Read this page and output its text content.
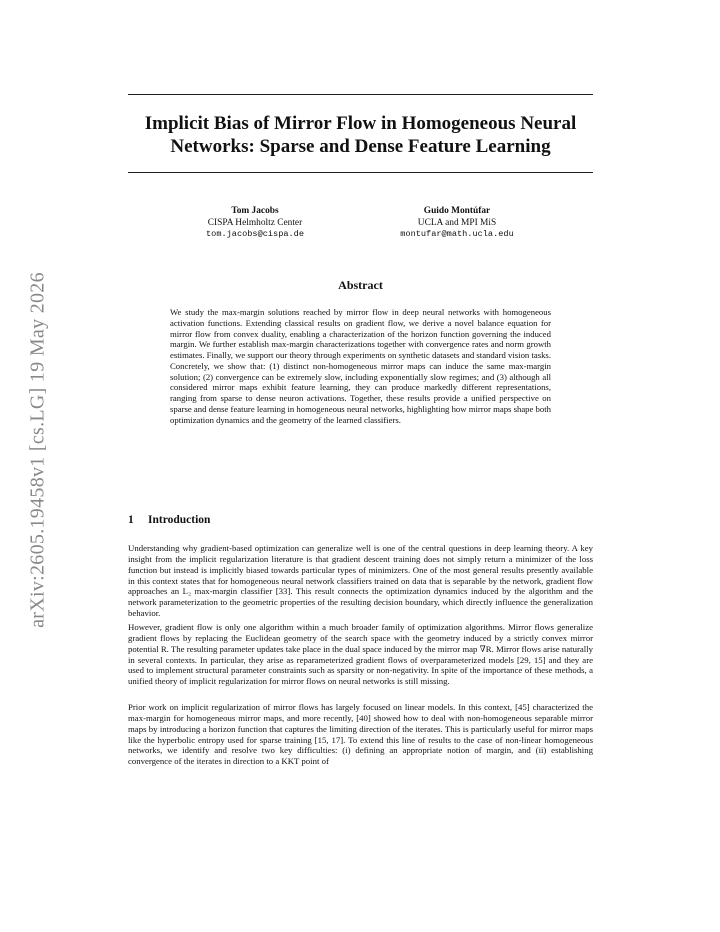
arXiv:2605.19458v1 [cs.LG] 19 May 2026
Implicit Bias of Mirror Flow in Homogeneous Neural Networks: Sparse and Dense Feature Learning
Tom Jacobs
CISPA Helmholtz Center
tom.jacobs@cispa.de
Guido Montúfar
UCLA and MPI MiS
montufar@math.ucla.edu
Abstract

We study the max-margin solutions reached by mirror flow in deep neural networks with homogeneous activation functions. Extending classical results on gradient flow, we derive a novel balance equation for mirror flow from convex duality, enabling a characterization of the horizon function governing the induced margin. We further establish max-margin characterizations together with convergence rates and norm growth estimates. Finally, we support our theory through experiments on synthetic datasets and standard vision tasks. Concretely, we show that: (1) distinct non-homogeneous mirror maps can induce the same max-margin solution; (2) convergence can be extremely slow, including exponentially slow regimes; and (3) although all considered mirror maps exhibit feature learning, they can produce markedly different representations, ranging from sparse to dense neuron activations. Together, these results provide a unified perspective on sparse and dense feature learning in homogeneous neural networks, highlighting how mirror maps shape both optimization dynamics and the geometry of the learned classifiers.

1 Introduction

Understanding why gradient-based optimization can generalize well is one of the central questions in deep learning theory. A key insight from the implicit regularization literature is that gradient descent training does not simply return a minimizer of the loss function but instead is implicitly biased towards particular types of minimizers. One of the most general results presently available in this context states that for homogeneous neural network classifiers trained on data that is separable by the network, gradient flow approaches an L₂ max-margin classifier [33]. This result connects the optimization dynamics induced by the algorithm and the network parameterization to the geometric properties of the resulting decision boundary, which directly influence the generalization behavior.

However, gradient flow is only one algorithm within a much broader family of optimization algorithms. Mirror flows generalize gradient flows by replacing the Euclidean geometry of the search space with the geometry induced by a strictly convex mirror potential R. The resulting parameter updates take place in the dual space induced by the mirror map ∇R. Mirror flows arise naturally in several contexts. In particular, they arise as reparameterized gradient flows of overparameterized models [29, 15] and they are used to implement structural parameter constraints such as sparsity or non-negativity. In spite of the importance of these methods, a unified theory of implicit regularization for mirror flows on neural networks is still missing.

Prior work on implicit regularization of mirror flows has largely focused on linear models. In this context, [45] characterized the max-margin for homogeneous mirror maps, and more recently, [40] showed how to deal with non-homogeneous separable mirror maps by introducing a horizon function that captures the limiting direction of the iterates. This is particularly useful for mirror maps like the hyperbolic entropy used for sparse training [15, 17]. To extend this line of results to the case of non-linear homogeneous networks, we identify and resolve two key difficulties: (i) defining an appropriate notion of margin, and (ii) establishing convergence of the iterates in direction to a KKT point of
